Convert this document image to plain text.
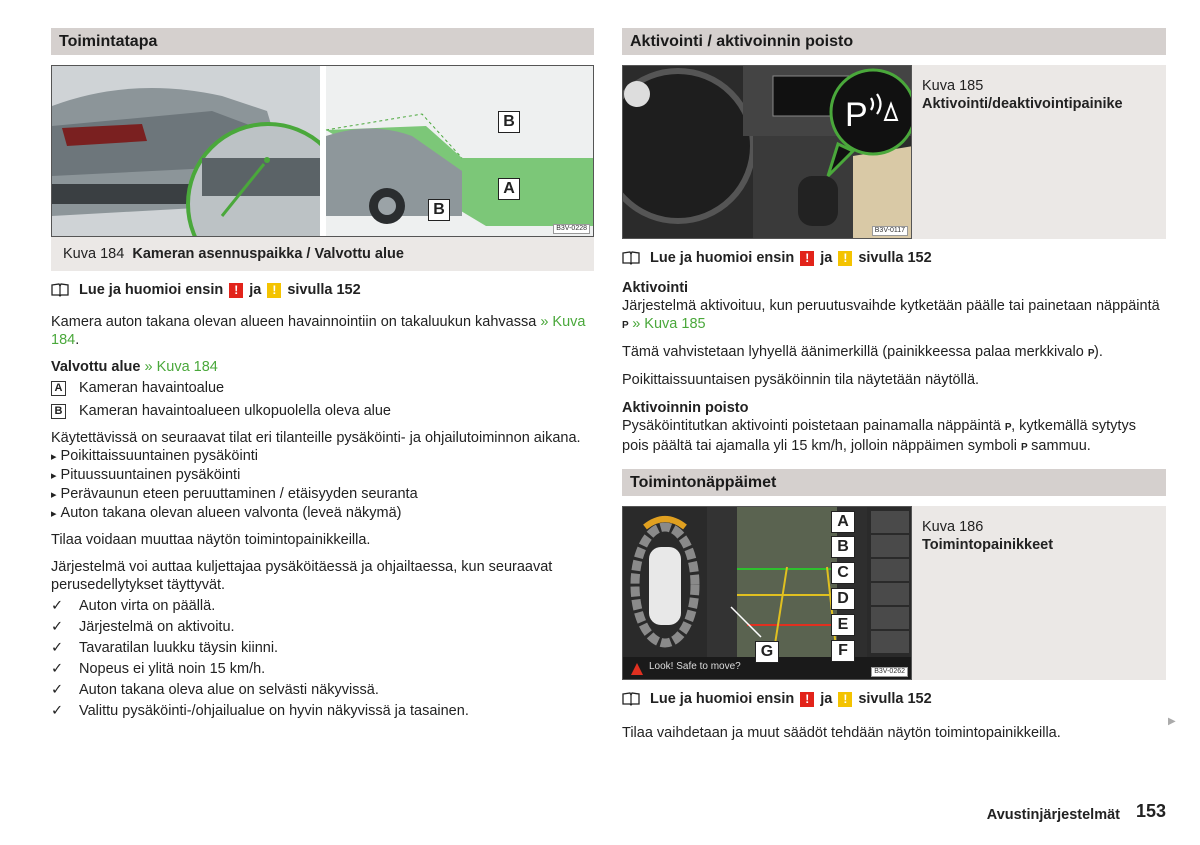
Toimintatapa
B
A
B
B3V-0228
Kuva 184 Kameran asennuspaikka / Valvottu alue
Lue ja huomioi ensin ! ja ! sivulla 152

Kamera auton takana olevan alueen havainnointiin on takaluukun kahvassa » Kuva 184.

Valvottu alue » Kuva 184
A Kameran havaintoalue
B Kameran havaintoalueen ulkopuolella oleva alue

Käytettävissä on seuraavat tilat eri tilanteille pysäköinti- ja ohjailutoiminnon aikana.

▸ Poikittaissuuntainen pysäköinti
▸ Pituussuuntainen pysäköinti
▸ Perävaunun eteen peruuttaminen / etäisyyden seuranta
▸ Auton takana olevan alueen valvonta (leveä näkymä)

Tilaa voidaan muuttaa näytön toimintopainikkeilla.

Järjestelmä voi auttaa kuljettajaa pysäköitäessä ja ohjailtaessa, kun seuraavat perusedellytykset täyttyvät.

✓	Auton virta on päällä.
✓	Järjestelmä on aktivoitu.
✓	Tavaratilan luukku täysin kiinni.
✓	Nopeus ei ylitä noin 15 km/h.
✓	Auton takana oleva alue on selvästi näkyvissä.
✓	Valittu pysäköinti-/ohjailualue on hyvin näkyvissä ja tasainen.
Aktivointi / aktivoinnin poisto
P
B3V-0117
Kuva 185
Aktivointi/deaktivointipainike
Lue ja huomioi ensin ! ja ! sivulla 152
Aktivointi

Järjestelmä aktivoituu, kun peruutusvaihde kytketään päälle tai painetaan näppäintä P » Kuva 185

Tämä vahvistetaan lyhyellä äänimerkillä (painikkeessa palaa merkkivalo P).

Poikittaissuuntaisen pysäköinnin tila näytetään näytöllä.

Aktivoinnin poisto

Pysäköintitutkan aktivointi poistetaan painamalla näppäintä P, kytkemällä sytytys pois päältä tai ajamalla yli 15 km/h, jolloin näppäimen symboli P sammuu.

Toimintonäppäimet
Look! Safe to move?
A
B
C
D
E
F
G
B3V-0262
Kuva 186
Toimintopainikkeet
Lue ja huomioi ensin ! ja ! sivulla 152

Tilaa vaihdetaan ja muut säädöt tehdään näytön toimintopainikkeilla.

▶
Avustinjärjestelmät 153
